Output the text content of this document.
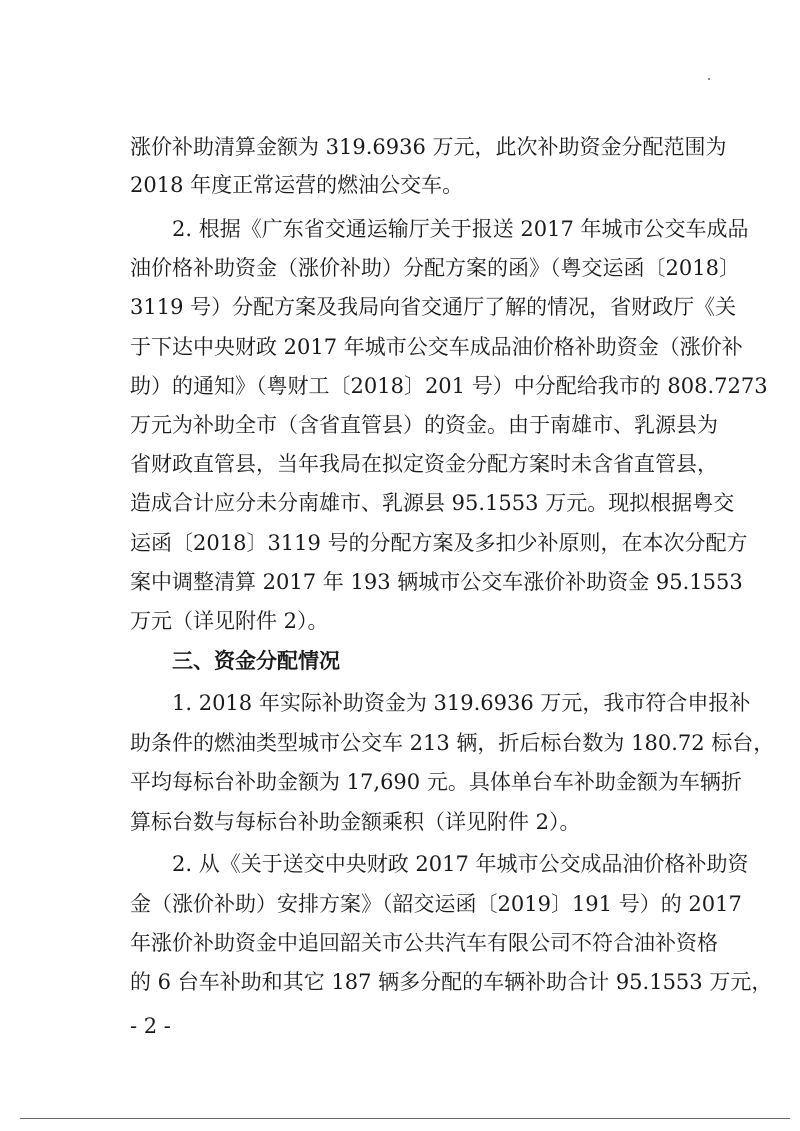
涨价补助清算金额为 319.6936 万元，此次补助资金分配范围为
2018 年度正常运营的燃油公交车。
　　2. 根据《广东省交通运输厅关于报送 2017 年城市公交车成品
油价格补助资金（涨价补助）分配方案的函》（粤交运函〔2018〕
3119 号）分配方案及我局向省交通厅了解的情况，省财政厅《关
于下达中央财政 2017 年城市公交车成品油价格补助资金（涨价补
助）的通知》（粤财工〔2018〕201 号）中分配给我市的 808.7273
万元为补助全市（含省直管县）的资金。由于南雄市、乳源县为
省财政直管县，当年我局在拟定资金分配方案时未含省直管县，
造成合计应分未分南雄市、乳源县 95.1553 万元。现拟根据粤交
运函〔2018〕3119 号的分配方案及多扣少补原则，在本次分配方
案中调整清算 2017 年 193 辆城市公交车涨价补助资金 95.1553
万元（详见附件 2）。
　　三、资金分配情况
　　1. 2018 年实际补助资金为 319.6936 万元，我市符合申报补
助条件的燃油类型城市公交车 213 辆，折后标台数为 180.72 标台，
平均每标台补助金额为 17,690 元。具体单台车补助金额为车辆折
算标台数与每标台补助金额乘积（详见附件 2）。
　　2. 从《关于送交中央财政 2017 年城市公交成品油价格补助资
金（涨价补助）安排方案》（韶交运函〔2019〕191 号）的 2017
年涨价补助资金中追回韶关市公共汽车有限公司不符合油补资格
的 6 台车补助和其它 187 辆多分配的车辆补助合计 95.1553 万元，
- 2 -
